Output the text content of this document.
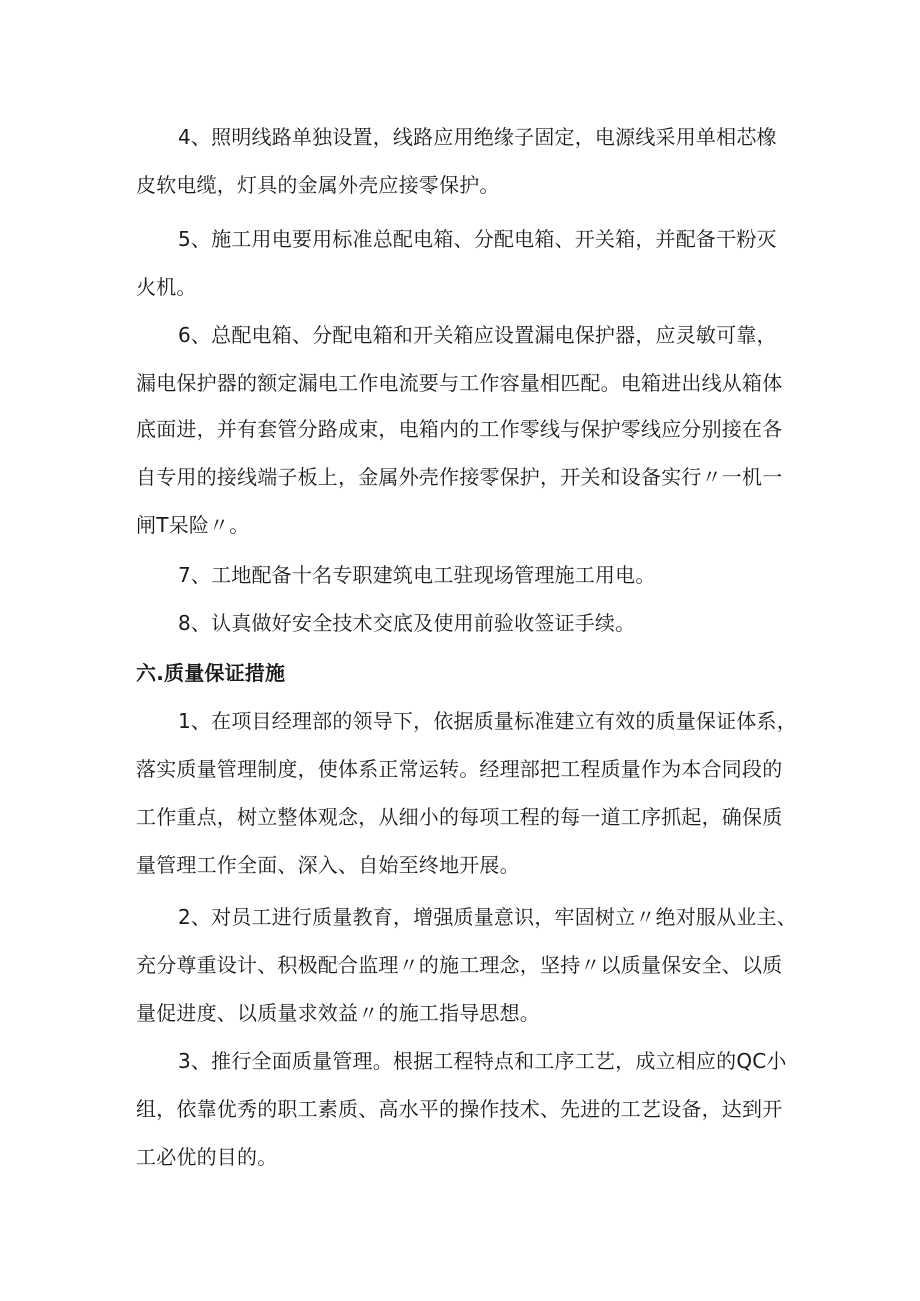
4、照明线路单独设置，线路应用绝缘子固定，电源线采用单相芯橡
皮软电缆，灯具的金属外壳应接零保护。
5、施工用电要用标准总配电箱、分配电箱、开关箱，并配备干粉灭
火机。
6、总配电箱、分配电箱和开关箱应设置漏电保护器，应灵敏可靠，
漏电保护器的额定漏电工作电流要与工作容量相匹配。电箱进出线从箱体
底面进，并有套管分路成束，电箱内的工作零线与保护零线应分别接在各
自专用的接线端子板上，金属外壳作接零保护，开关和设备实行〃一机一
闸T呆险〃。
7、工地配备十名专职建筑电工驻现场管理施工用电。
8、认真做好安全技术交底及使用前验收签证手续。
六.质量保证措施
1、在项目经理部的领导下，依据质量标准建立有效的质量保证体系，
落实质量管理制度，使体系正常运转。经理部把工程质量作为本合同段的
工作重点，树立整体观念，从细小的每项工程的每一道工序抓起，确保质
量管理工作全面、深入、自始至终地开展。
2、对员工进行质量教育，增强质量意识，牢固树立〃绝对服从业主、
充分尊重设计、积极配合监理〃的施工理念，坚持〃以质量保安全、以质
量促进度、以质量求效益〃的施工指导思想。
3、推行全面质量管理。根据工程特点和工序工艺，成立相应的QC小
组，依靠优秀的职工素质、高水平的操作技术、先进的工艺设备，达到开
工必优的目的。
